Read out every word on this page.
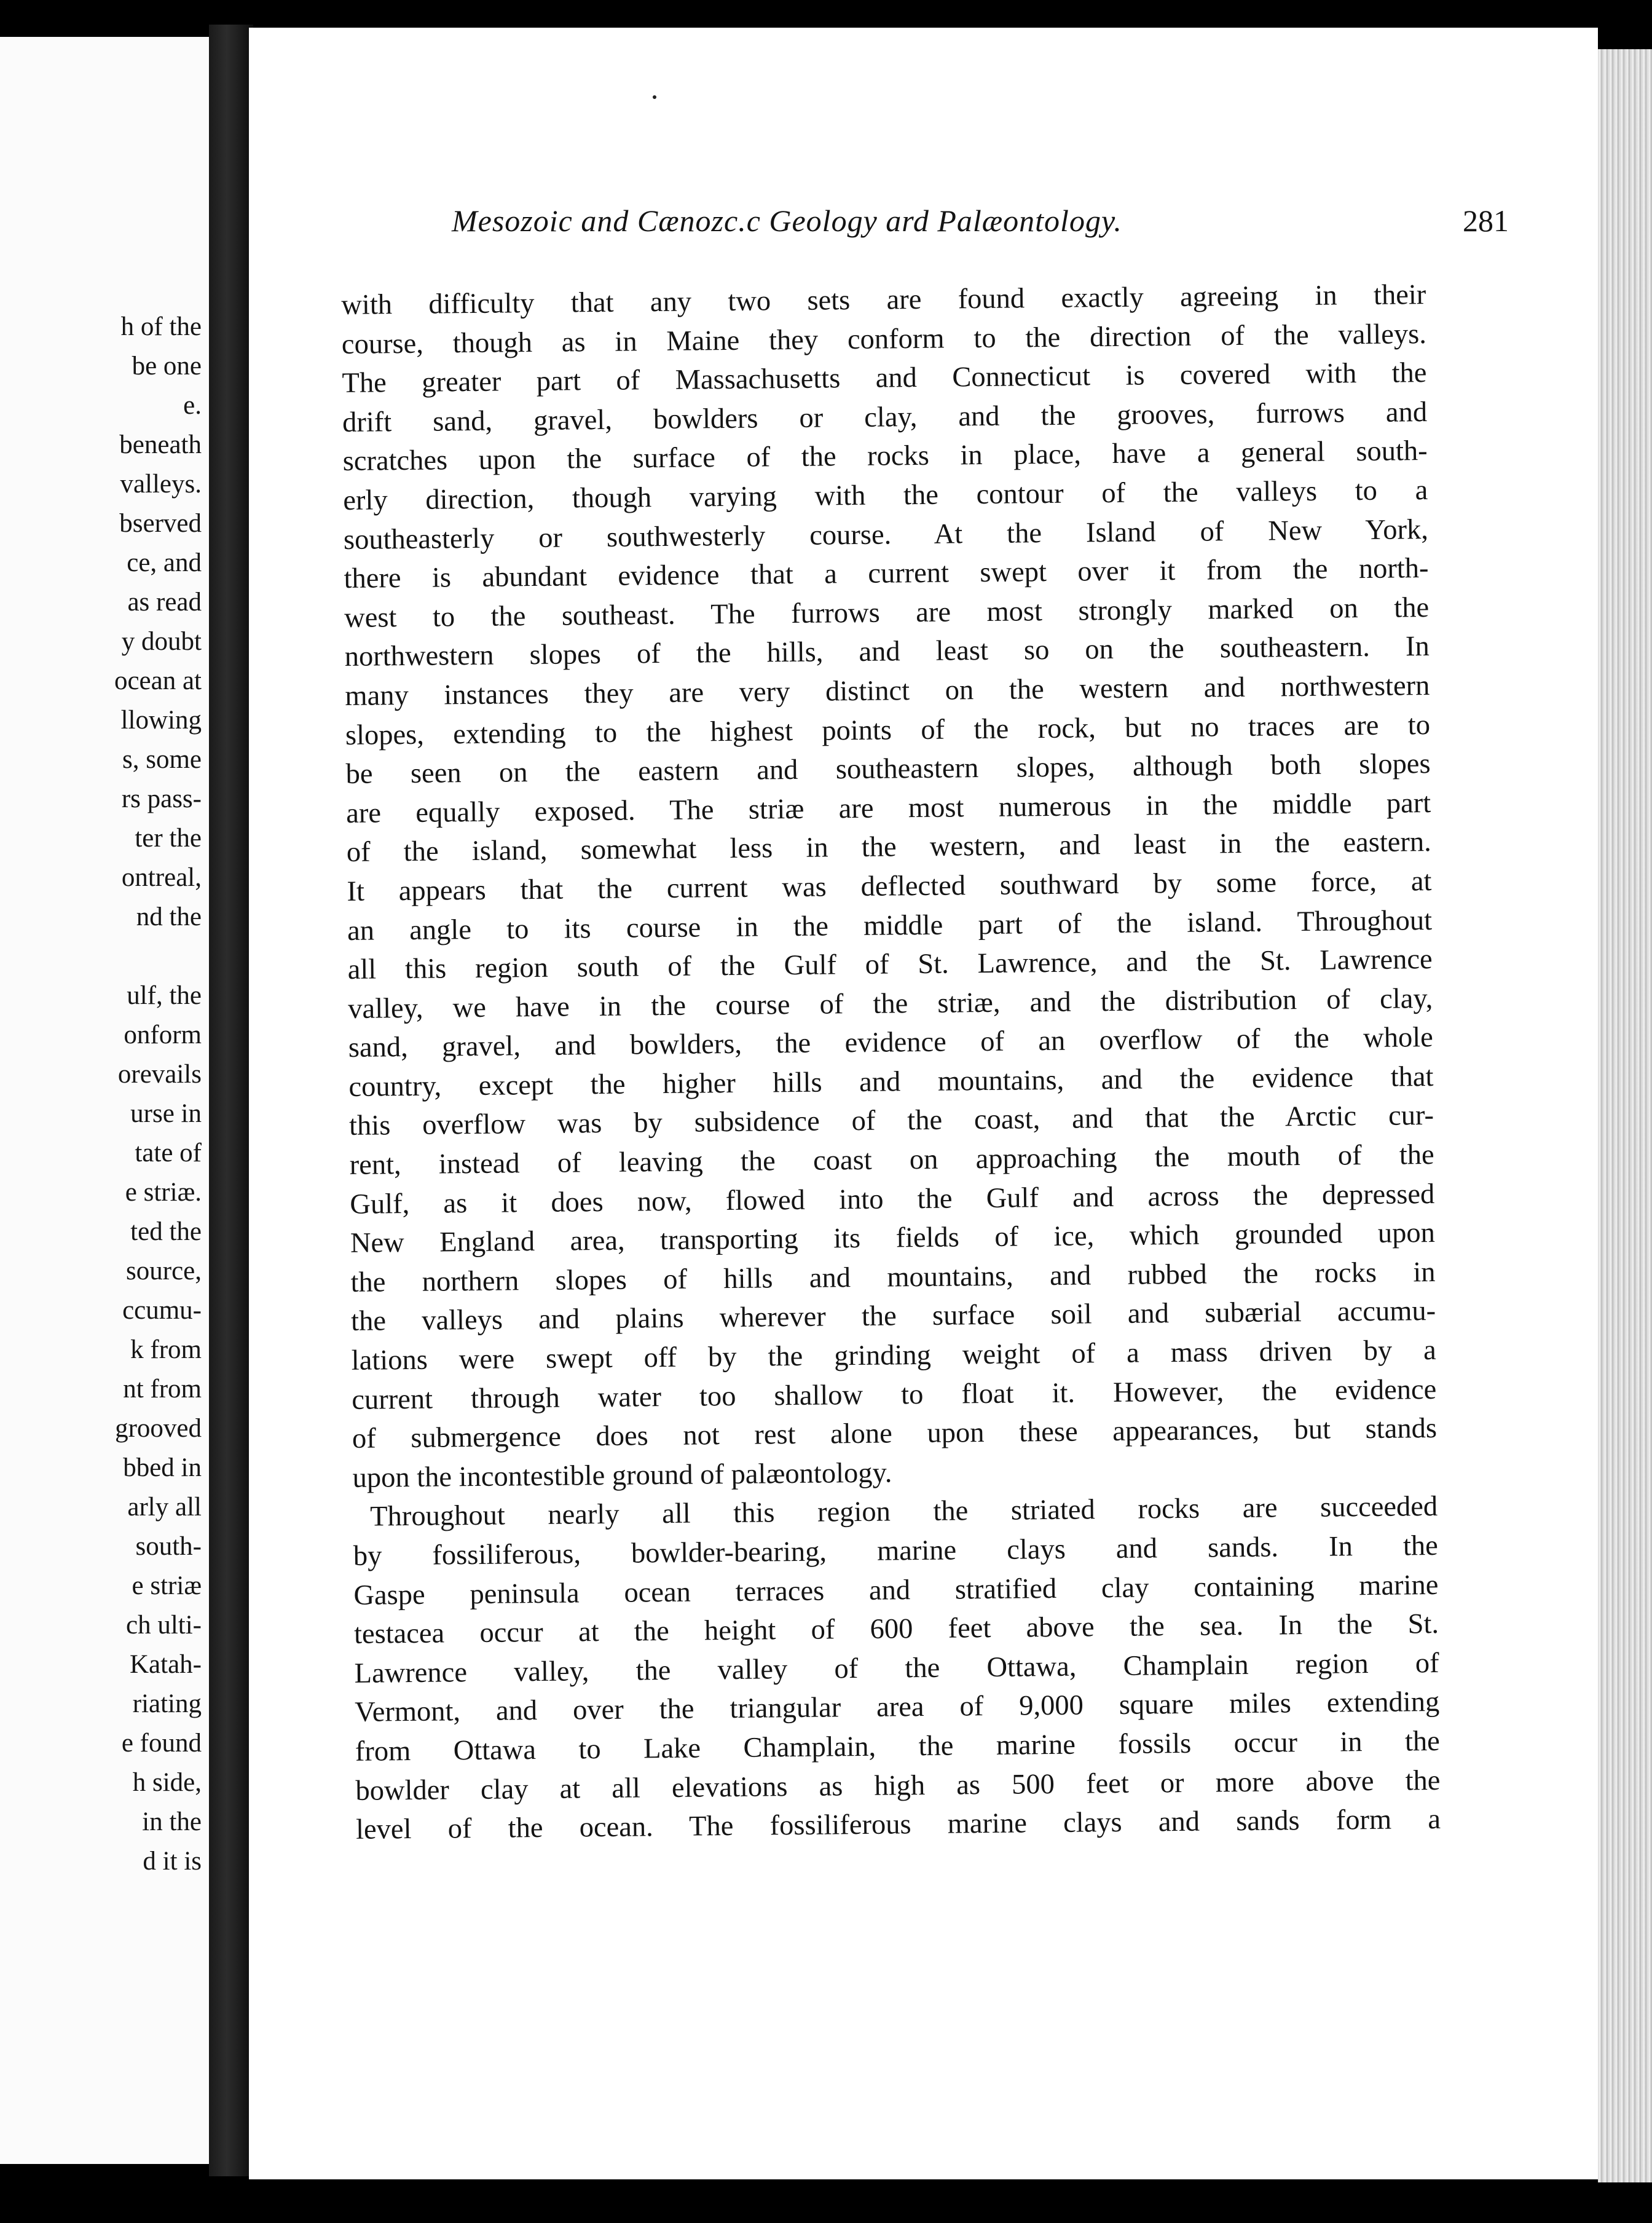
h of the
be one
e.
beneath
valleys.
bserved
ce, and
as read
y doubt
ocean at
llowing
s, some
rs pass-
ter the
ontreal,
nd the
ulf, the
onform
orevails
urse in
tate of
e striæ.
ted the
source,
ccumu-
k from
nt from
grooved
bbed in
arly all
south-
e striæ
ch ulti-
Katah-
riating
e found
h side,
in the
d it is
Mesozoic and Cænozc.c Geology ard Palæontology.	281
with difficulty that any two sets are found exactly agreeing in their
course, though as in Maine they conform to the direction of the valleys.
The greater part of Massachusetts and Connecticut is covered with the
drift sand, gravel, bowlders or clay, and the grooves, furrows and
scratches upon the surface of the rocks in place, have a general south-
erly direction, though varying with the contour of the valleys to a
southeasterly or southwesterly course. At the Island of New York,
there is abundant evidence that a current swept over it from the north-
west to the southeast. The furrows are most strongly marked on the
northwestern slopes of the hills, and least so on the southeastern. In
many instances they are very distinct on the western and northwestern
slopes, extending to the highest points of the rock, but no traces are to
be seen on the eastern and southeastern slopes, although both slopes
are equally exposed. The striæ are most numerous in the middle part
of the island, somewhat less in the western, and least in the eastern.
It appears that the current was deflected southward by some force, at
an angle to its course in the middle part of the island. Throughout
all this region south of the Gulf of St. Lawrence, and the St. Lawrence
valley, we have in the course of the striæ, and the distribution of clay,
sand, gravel, and bowlders, the evidence of an overflow of the whole
country, except the higher hills and mountains, and the evidence that
this overflow was by subsidence of the coast, and that the Arctic cur-
rent, instead of leaving the coast on approaching the mouth of the
Gulf, as it does now, flowed into the Gulf and across the depressed
New England area, transporting its fields of ice, which grounded upon
the northern slopes of hills and mountains, and rubbed the rocks in
the valleys and plains wherever the surface soil and subærial accumu-
lations were swept off by the grinding weight of a mass driven by a
current through water too shallow to float it. However, the evidence
of submergence does not rest alone upon these appearances, but stands
upon the incontestible ground of palæontology.
Throughout nearly all this region the striated rocks are succeeded
by fossiliferous, bowlder-bearing, marine clays and sands. In the
Gaspe peninsula ocean terraces and stratified clay containing marine
testacea occur at the height of 600 feet above the sea. In the St.
Lawrence valley, the valley of the Ottawa, Champlain region of
Vermont, and over the triangular area of 9,000 square miles extending
from Ottawa to Lake Champlain, the marine fossils occur in the
bowlder clay at all elevations as high as 500 feet or more above the
level of the ocean. The fossiliferous marine clays and sands form a
